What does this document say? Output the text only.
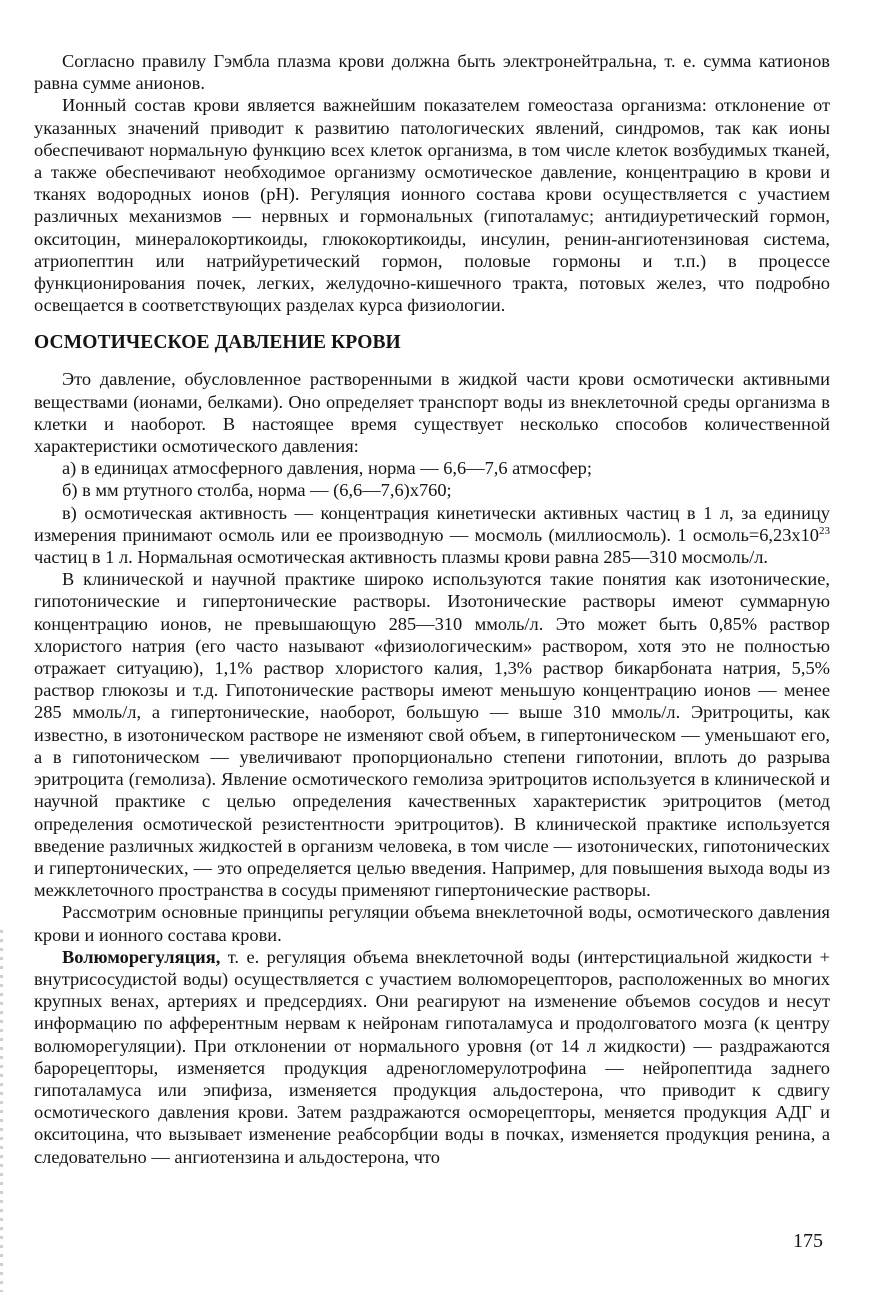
Согласно правилу Гэмбла плазма крови должна быть электронейтральна, т. е. сумма катионов равна сумме анионов.

Ионный состав крови является важнейшим показателем гомеостаза организма: отклонение от указанных значений приводит к развитию патологических явлений, синдромов, так как ионы обеспечивают нормальную функцию всех клеток организма, в том числе клеток возбудимых тканей, а также обеспечивают необходимое организму осмотическое давление, концентрацию в крови и тканях водородных ионов (pH). Регуляция ионного состава крови осуществляется с участием различных механизмов — нервных и гормональных (гипоталамус; антидиуретический гормон, окситоцин, минералокортикоиды, глюкокортикоиды, инсулин, ренин-ангиотензиновая система, атриопептин или натрийуретический гормон, половые гормоны и т.п.) в процессе функционирования почек, легких, желудочно-кишечного тракта, потовых желез, что подробно освещается в соответствующих разделах курса физиологии.

ОСМОТИЧЕСКОЕ ДАВЛЕНИЕ КРОВИ

Это давление, обусловленное растворенными в жидкой части крови осмотически активными веществами (ионами, белками). Оно определяет транспорт воды из внеклеточной среды организма в клетки и наоборот. В настоящее время существует несколько способов количественной характеристики осмотического давления:

а) в единицах атмосферного давления, норма — 6,6—7,6 атмосфер;

б) в мм ртутного столба, норма — (6,6—7,6)х760;

в) осмотическая активность — концентрация кинетически активных частиц в 1 л, за единицу измерения принимают осмоль или ее производную — мосмоль (миллиосмоль). 1 $осмоль=6,23х10^{23}$ частиц в 1 л. Нормальная осмотическая активность плазмы крови равна 285—310 мосмоль/л.

В клинической и научной практике широко используются такие понятия как изотонические, гипотонические и гипертонические растворы. Изотонические растворы имеют суммарную концентрацию ионов, не превышающую 285—310 ммоль/л. Это может быть 0,85% раствор хлористого натрия (его часто называют «физиологическим» раствором, хотя это не полностью отражает ситуацию), 1,1% раствор хлористого калия, 1,3% раствор бикарбоната натрия, 5,5% раствор глюкозы и т.д. Гипотонические растворы имеют меньшую концентрацию ионов — менее 285 ммоль/л, а гипертонические, наоборот, большую — выше 310 ммоль/л. Эритроциты, как известно, в изотоническом растворе не изменяют свой объем, в гипертоническом — уменьшают его, а в гипотоническом — увеличивают пропорционально степени гипотонии, вплоть до разрыва эритроцита (гемолиза). Явление осмотического гемолиза эритроцитов используется в клинической и научной практике с целью определения качественных характеристик эритроцитов (метод определения осмотической резистентности эритроцитов). В клинической практике используется введение различных жидкостей в организм человека, в том числе — изотонических, гипотонических и гипертонических, — это определяется целью введения. Например, для повышения выхода воды из межклеточного пространства в сосуды применяют гипертонические растворы.

Рассмотрим основные принципы регуляции объема внеклеточной воды, осмотического давления крови и ионного состава крови.

Волюморегуляция, т. е. регуляция объема внеклеточной воды (интерстициальной жидкости + внутрисосудистой воды) осуществляется с участием волюморецепторов, расположенных во многих крупных венах, артериях и предсердиях. Они реагируют на изменение объемов сосудов и несут информацию по афферентным нервам к нейронам гипоталамуса и продолговатого мозга (к центру волюморегуляции). При отклонении от нормального уровня (от 14 л жидкости) — раздражаются барорецепторы, изменяется продукция адреногломерулотрофина — нейропептида заднего гипоталамуса или эпифиза, изменяется продукция альдостерона, что приводит к сдвигу осмотического давления крови. Затем раздражаются осморецепторы, меняется продукция АДГ и окситоцина, что вызывает изменение реабсорбции воды в почках, изменяется продукция ренина, а следовательно — ангиотензина и альдостерона, что

175
